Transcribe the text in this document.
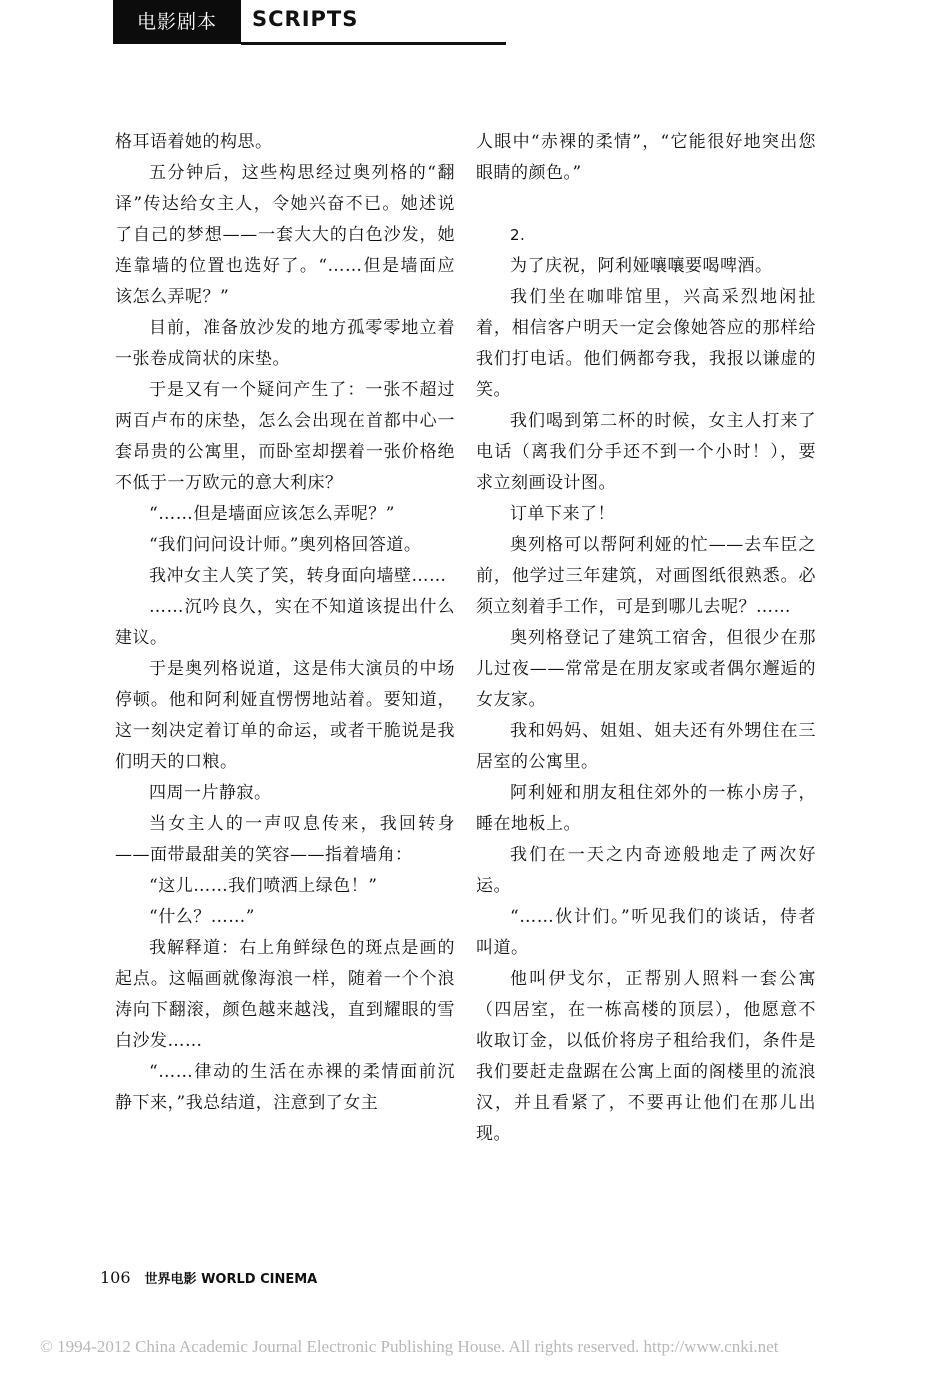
电影剧本	SCRIPTS

格耳语着她的构思。

五分钟后，这些构思经过奥列格的“翻译”传达给女主人，令她兴奋不已。她述说了自己的梦想——一套大大的白色沙发，她连靠墙的位置也选好了。“……但是墙面应该怎么弄呢？”

目前，准备放沙发的地方孤零零地立着一张卷成筒状的床垫。

于是又有一个疑问产生了：一张不超过两百卢布的床垫，怎么会出现在首都中心一套昂贵的公寓里，而卧室却摆着一张价格绝不低于一万欧元的意大利床？

“……但是墙面应该怎么弄呢？”

“我们问问设计师。”奥列格回答道。

我冲女主人笑了笑，转身面向墙壁……

……沉吟良久，实在不知道该提出什么建议。

于是奥列格说道，这是伟大演员的中场停顿。他和阿利娅直愣愣地站着。要知道，这一刻决定着订单的命运，或者干脆说是我们明天的口粮。

四周一片静寂。

当女主人的一声叹息传来，我回转身——面带最甜美的笑容——指着墙角：

“这儿……我们喷洒上绿色！”

“什么？……”

我解释道：右上角鲜绿色的斑点是画的起点。这幅画就像海浪一样，随着一个个浪涛向下翻滚，颜色越来越浅，直到耀眼的雪白沙发……

“……律动的生活在赤裸的柔情面前沉静下来，”我总结道，注意到了女主

人眼中“赤裸的柔情”，“它能很好地突出您眼睛的颜色。”

2.

为了庆祝，阿利娅嚷嚷要喝啤酒。

我们坐在咖啡馆里，兴高采烈地闲扯着，相信客户明天一定会像她答应的那样给我们打电话。他们俩都夸我，我报以谦虚的笑。

我们喝到第二杯的时候，女主人打来了电话（离我们分手还不到一个小时！），要求立刻画设计图。

订单下来了！

奥列格可以帮阿利娅的忙——去车臣之前，他学过三年建筑，对画图纸很熟悉。必须立刻着手工作，可是到哪儿去呢？……

奥列格登记了建筑工宿舍，但很少在那儿过夜——常常是在朋友家或者偶尔邂逅的女友家。

我和妈妈、姐姐、姐夫还有外甥住在三居室的公寓里。

阿利娅和朋友租住郊外的一栋小房子，睡在地板上。

我们在一天之内奇迹般地走了两次好运。

“……伙计们。”听见我们的谈话，侍者叫道。

他叫伊戈尔，正帮别人照料一套公寓（四居室，在一栋高楼的顶层），他愿意不收取订金，以低价将房子租给我们，条件是我们要赶走盘踞在公寓上面的阁楼里的流浪汉，并且看紧了，不要再让他们在那儿出现。

106 世界电影 WORLD CINEMA
© 1994-2012 China Academic Journal Electronic Publishing House. All rights reserved. http://www.cnki.net
